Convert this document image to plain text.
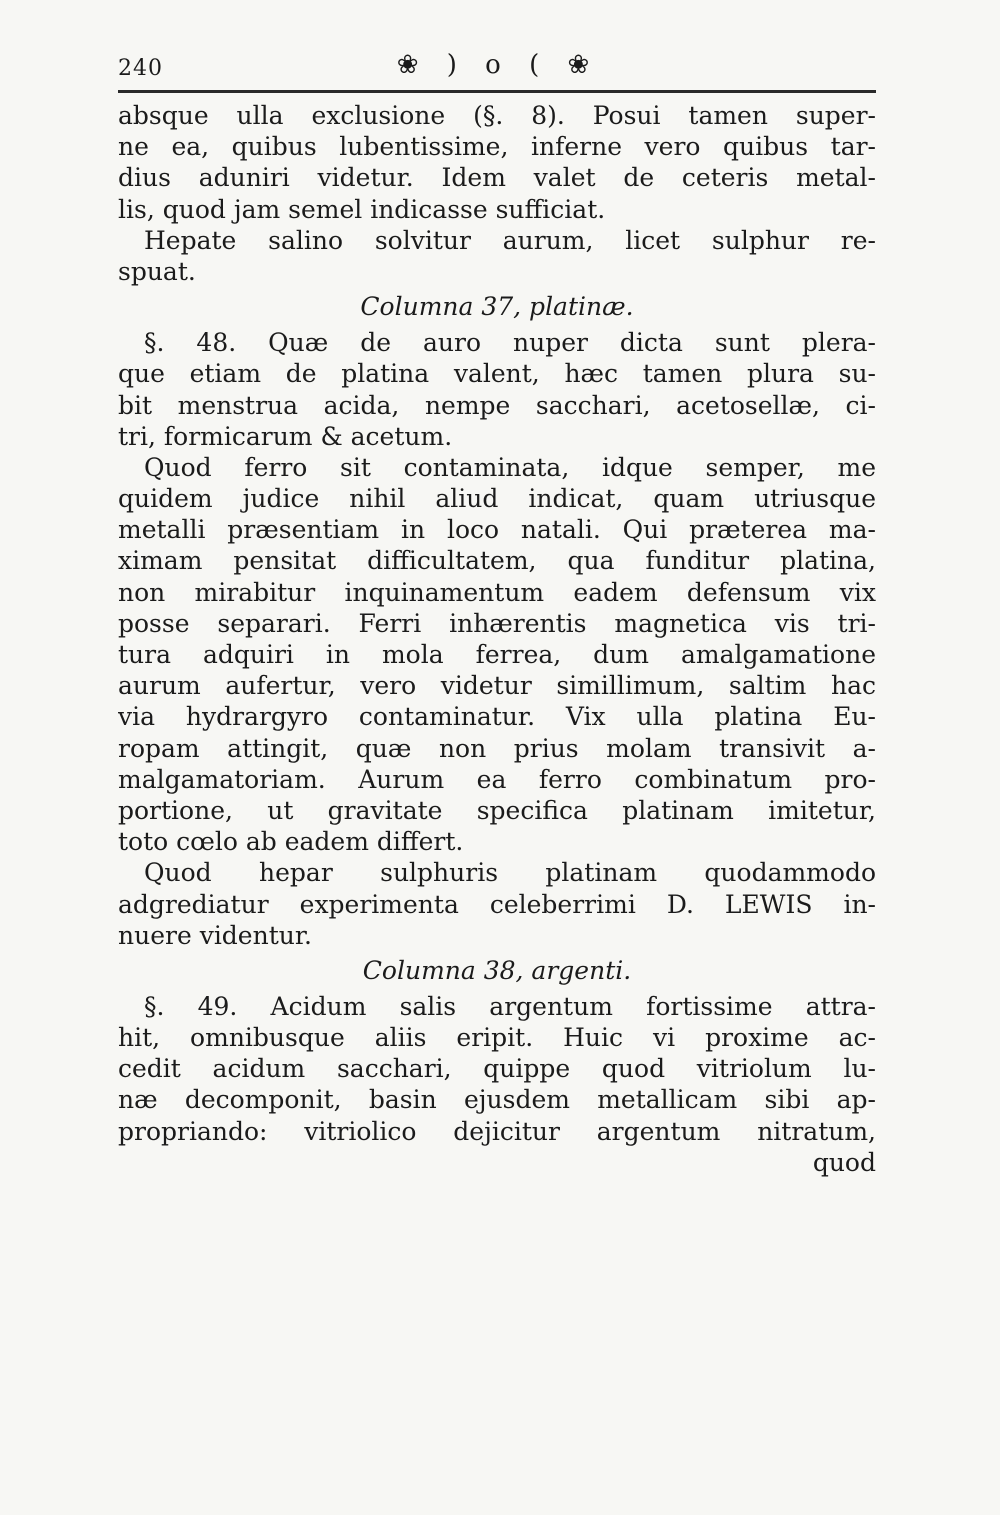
240	❀ ) o ( ❀
absque ulla exclusione (§. 8). Posui tamen super-
ne ea, quibus lubentissime, inferne vero quibus tar-
dius aduniri videtur. Idem valet de ceteris metal-
lis, quod jam semel indicasse sufficiat.
Hepate salino solvitur aurum, licet sulphur re-
spuat.
Columna 37, platinæ.
§. 48. Quæ de auro nuper dicta sunt plera-
que etiam de platina valent, hæc tamen plura su-
bit menstrua acida, nempe sacchari, acetosellæ, ci-
tri, formicarum & acetum.
Quod ferro sit contaminata, idque semper, me
quidem judice nihil aliud indicat, quam utriusque
metalli præsentiam in loco natali. Qui præterea ma-
ximam pensitat difficultatem, qua funditur platina,
non mirabitur inquinamentum eadem defensum vix
posse separari. Ferri inhærentis magnetica vis tri-
tura adquiri in mola ferrea, dum amalgamatione
aurum aufertur, vero videtur simillimum, saltim hac
via hydrargyro contaminatur. Vix ulla platina Eu-
ropam attingit, quæ non prius molam transivit a-
malgamatoriam. Aurum ea ferro combinatum pro-
portione, ut gravitate specifica platinam imitetur,
toto cœlo ab eadem differt.
Quod hepar sulphuris platinam quodammodo
adgrediatur experimenta celeberrimi D. LEWIS in-
nuere videntur.
Columna 38, argenti.
§. 49. Acidum salis argentum fortissime attra-
hit, omnibusque aliis eripit. Huic vi proxime ac-
cedit acidum sacchari, quippe quod vitriolum lu-
næ decomponit, basin ejusdem metallicam sibi ap-
propriando: vitriolico dejicitur argentum nitratum,
quod
